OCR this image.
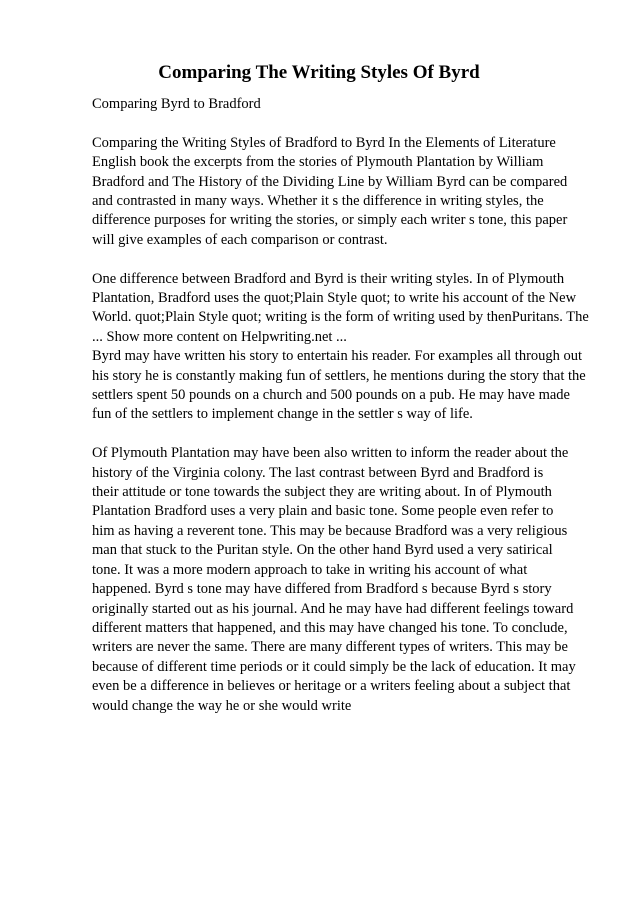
Comparing The Writing Styles Of Byrd
Comparing Byrd to Bradford
Comparing the Writing Styles of Bradford to Byrd In the Elements of Literature
English book the excerpts from the stories of Plymouth Plantation by William
Bradford and The History of the Dividing Line by William Byrd can be compared
and contrasted in many ways. Whether it s the difference in writing styles, the
difference purposes for writing the stories, or simply each writer s tone, this paper
will give examples of each comparison or contrast.
One difference between Bradford and Byrd is their writing styles. In of Plymouth
Plantation, Bradford uses the quot;Plain Style quot; to write his account of the New
World. quot;Plain Style quot; writing is the form of writing used by thenPuritans. The
... Show more content on Helpwriting.net ...
Byrd may have written his story to entertain his reader. For examples all through out
his story he is constantly making fun of settlers, he mentions during the story that the
settlers spent 50 pounds on a church and 500 pounds on a pub. He may have made
fun of the settlers to implement change in the settler s way of life.
Of Plymouth Plantation may have been also written to inform the reader about the
history of the Virginia colony. The last contrast between Byrd and Bradford is
their attitude or tone towards the subject they are writing about. In of Plymouth
Plantation Bradford uses a very plain and basic tone. Some people even refer to
him as having a reverent tone. This may be because Bradford was a very religious
man that stuck to the Puritan style. On the other hand Byrd used a very satirical
tone. It was a more modern approach to take in writing his account of what
happened. Byrd s tone may have differed from Bradford s because Byrd s story
originally started out as his journal. And he may have had different feelings toward
different matters that happened, and this may have changed his tone. To conclude,
writers are never the same. There are many different types of writers. This may be
because of different time periods or it could simply be the lack of education. It may
even be a difference in believes or heritage or a writers feeling about a subject that
would change the way he or she would write
